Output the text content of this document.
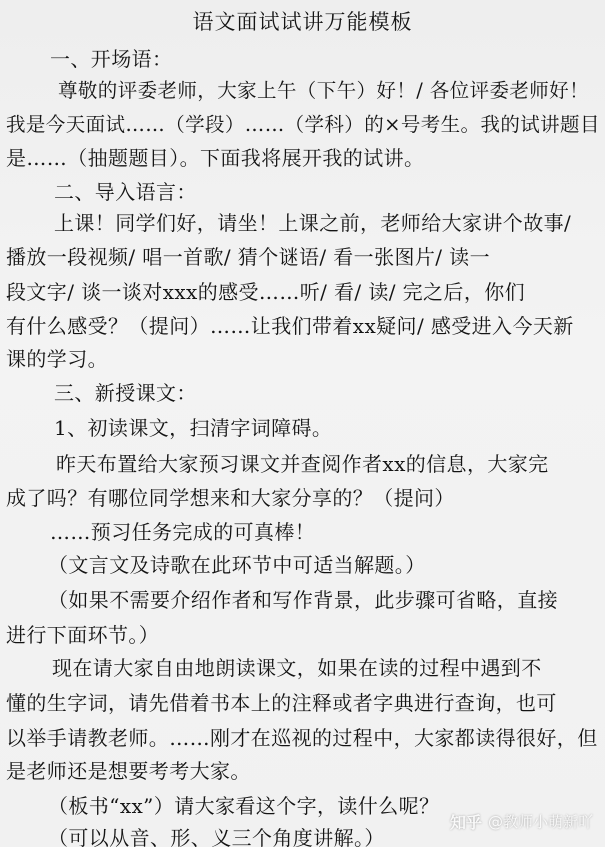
语文面试试讲万能模板
一、开场语：
尊敬的评委老师，大家上午（下午）好！/ 各位评委老师好！
我是今天面试……（学段）……（学科）的×号考生。我的试讲题目
是……（抽题题目）。下面我将展开我的试讲。
二、导入语言：
上课！同学们好，请坐！上课之前，老师给大家讲个故事/
播放一段视频/ 唱一首歌/ 猜个谜语/ 看一张图片/ 读一
段文字/ 谈一谈对xxx的感受……听/ 看/ 读/ 完之后，你们
有什么感受？（提问）……让我们带着xx疑问/ 感受进入今天新
课的学习。
三、新授课文：
1、初读课文，扫清字词障碍。
昨天布置给大家预习课文并查阅作者xx的信息，大家完
成了吗？有哪位同学想来和大家分享的？（提问）
……预习任务完成的可真棒！
（文言文及诗歌在此环节中可适当解题。）
（如果不需要介绍作者和写作背景，此步骤可省略，直接
进行下面环节。）
现在请大家自由地朗读课文，如果在读的过程中遇到不
懂的生字词，请先借着书本上的注释或者字典进行查询，也可
以举手请教老师。……刚才在巡视的过程中，大家都读得很好，但
是老师还是想要考考大家。
（板书“xx”）请大家看这个字，读什么呢？
（可以从音、形、义三个角度讲解。）
知乎 @教师小萌新吖
